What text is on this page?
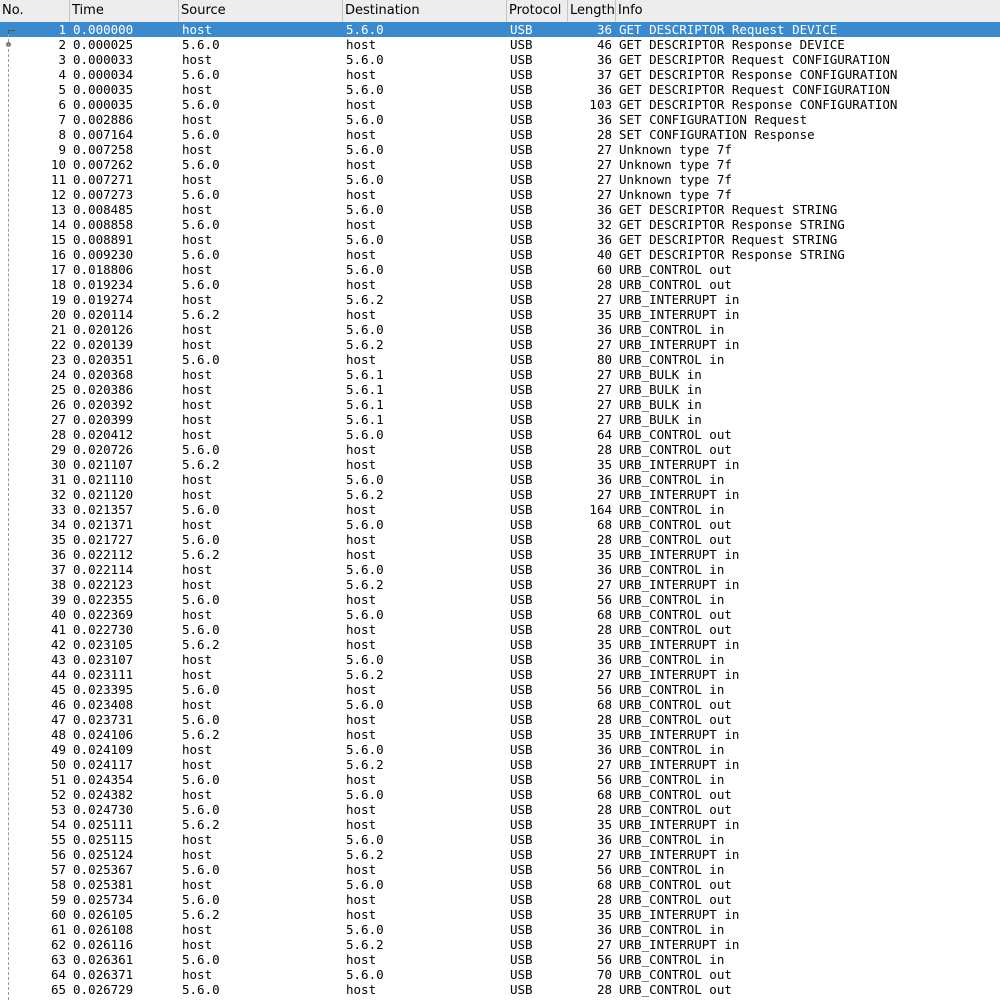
No.	Time	Source	Destination	Protocol Length Info
1 0.000000	host	5.6.0	USB	36 GET DESCRIPTOR Request DEVICE
2 0.000025	5.6.0	host	USB	46 GET DESCRIPTOR Response DEVICE
3 0.000033	host	5.6.0	USB	36 GET DESCRIPTOR Request CONFIGURATION
4 0.000034	5.6.0	host	USB	37 GET DESCRIPTOR Response CONFIGURATION
5 0.000035	host	5.6.0	USB	36 GET DESCRIPTOR Request CONFIGURATION
6 0.000035	5.6.0	host	USB	103 GET DESCRIPTOR Response CONFIGURATION
7 0.002886	host	5.6.0	USB	36 SET CONFIGURATION Request
8 0.007164	5.6.0	host	USB	28 SET CONFIGURATION Response
9 0.007258	host	5.6.0	USB	27 Unknown type 7f
10 0.007262	5.6.0	host	USB	27 Unknown type 7f
11 0.007271	host	5.6.0	USB	27 Unknown type 7f
12 0.007273	5.6.0	host	USB	27 Unknown type 7f
13 0.008485	host	5.6.0	USB	36 GET DESCRIPTOR Request STRING
14 0.008858	5.6.0	host	USB	32 GET DESCRIPTOR Response STRING
15 0.008891	host	5.6.0	USB	36 GET DESCRIPTOR Request STRING
16 0.009230	5.6.0	host	USB	40 GET DESCRIPTOR Response STRING
17 0.018806	host	5.6.0	USB	60 URB_CONTROL out
18 0.019234	5.6.0	host	USB	28 URB_CONTROL out
19 0.019274	host	5.6.2	USB	27 URB_INTERRUPT in
20 0.020114	5.6.2	host	USB	35 URB_INTERRUPT in
21 0.020126	host	5.6.0	USB	36 URB_CONTROL in
22 0.020139	host	5.6.2	USB	27 URB_INTERRUPT in
23 0.020351	5.6.0	host	USB	80 URB_CONTROL in
24 0.020368	host	5.6.1	USB	27 URB_BULK in
25 0.020386	host	5.6.1	USB	27 URB_BULK in
26 0.020392	host	5.6.1	USB	27 URB_BULK in
27 0.020399	host	5.6.1	USB	27 URB_BULK in
28 0.020412	host	5.6.0	USB	64 URB_CONTROL out
29 0.020726	5.6.0	host	USB	28 URB_CONTROL out
30 0.021107	5.6.2	host	USB	35 URB_INTERRUPT in
31 0.021110	host	5.6.0	USB	36 URB_CONTROL in
32 0.021120	host	5.6.2	USB	27 URB_INTERRUPT in
33 0.021357	5.6.0	host	USB	164 URB_CONTROL in
34 0.021371	host	5.6.0	USB	68 URB_CONTROL out
35 0.021727	5.6.0	host	USB	28 URB_CONTROL out
36 0.022112	5.6.2	host	USB	35 URB_INTERRUPT in
37 0.022114	host	5.6.0	USB	36 URB_CONTROL in
38 0.022123	host	5.6.2	USB	27 URB_INTERRUPT in
39 0.022355	5.6.0	host	USB	56 URB_CONTROL in
40 0.022369	host	5.6.0	USB	68 URB_CONTROL out
41 0.022730	5.6.0	host	USB	28 URB_CONTROL out
42 0.023105	5.6.2	host	USB	35 URB_INTERRUPT in
43 0.023107	host	5.6.0	USB	36 URB_CONTROL in
44 0.023111	host	5.6.2	USB	27 URB_INTERRUPT in
45 0.023395	5.6.0	host	USB	56 URB_CONTROL in
46 0.023408	host	5.6.0	USB	68 URB_CONTROL out
47 0.023731	5.6.0	host	USB	28 URB_CONTROL out
48 0.024106	5.6.2	host	USB	35 URB_INTERRUPT in
49 0.024109	host	5.6.0	USB	36 URB_CONTROL in
50 0.024117	host	5.6.2	USB	27 URB_INTERRUPT in
51 0.024354	5.6.0	host	USB	56 URB_CONTROL in
52 0.024382	host	5.6.0	USB	68 URB_CONTROL out
53 0.024730	5.6.0	host	USB	28 URB_CONTROL out
54 0.025111	5.6.2	host	USB	35 URB_INTERRUPT in
55 0.025115	host	5.6.0	USB	36 URB_CONTROL in
56 0.025124	host	5.6.2	USB	27 URB_INTERRUPT in
57 0.025367	5.6.0	host	USB	56 URB_CONTROL in
58 0.025381	host	5.6.0	USB	68 URB_CONTROL out
59 0.025734	5.6.0	host	USB	28 URB_CONTROL out
60 0.026105	5.6.2	host	USB	35 URB_INTERRUPT in
61 0.026108	host	5.6.0	USB	36 URB_CONTROL in
62 0.026116	host	5.6.2	USB	27 URB_INTERRUPT in
63 0.026361	5.6.0	host	USB	56 URB_CONTROL in
64 0.026371	host	5.6.0	USB	70 URB_CONTROL out
65 0.026729	5.6.0	host	USB	28 URB_CONTROL out
